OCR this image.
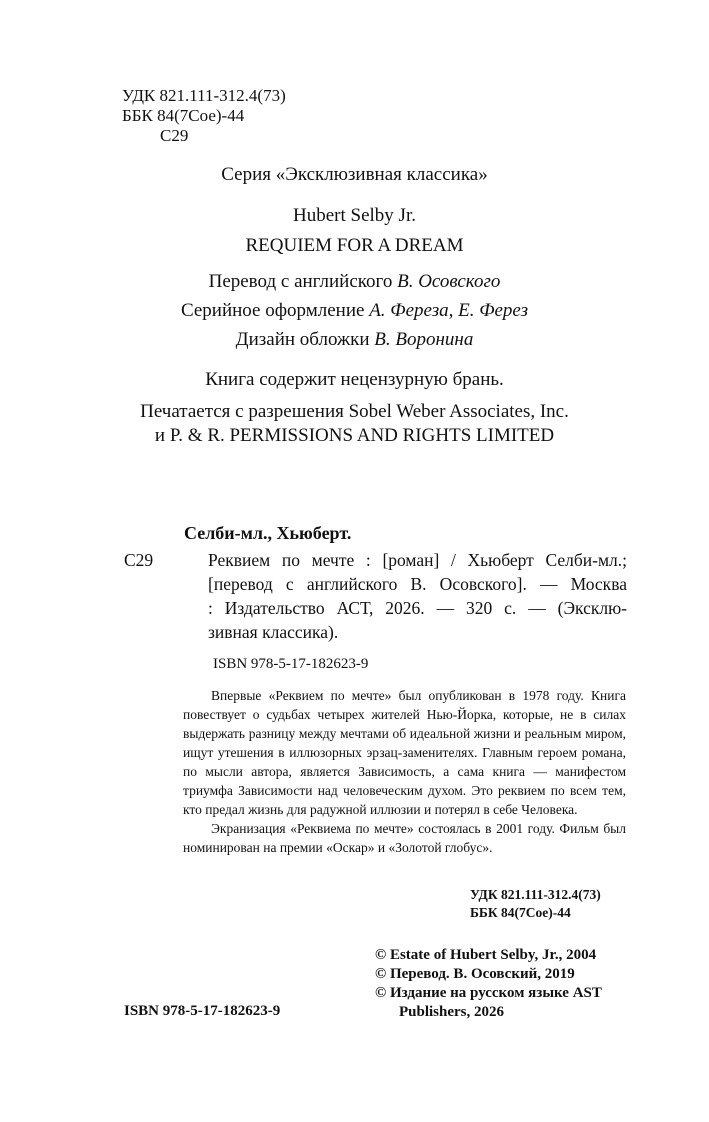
УДК 821.111-312.4(73)
ББК 84(7Сое)-44
С29
Серия «Эксклюзивная классика»
Hubert Selby Jr.
REQUIEM FOR A DREAM
Перевод с английского В. Осовского
Серийное оформление А. Фереза, Е. Ферез
Дизайн обложки В. Воронина
Книга содержит нецензурную брань.
Печатается с разрешения Sobel Weber Associates, Inc.
и P. & R. PERMISSIONS AND RIGHTS LIMITED
Селби-мл., Хьюберт.
С29	Реквием по мечте : [роман] / Хьюберт Селби-мл.;
[перевод с английского В. Осовского]. — Москва
: Издательство АСТ, 2026. — 320 с. — (Эксклю-
зивная классика).
ISBN 978-5-17-182623-9

Впервые «Реквием по мечте» был опубликован в 1978 году. Книга повествует о судьбах четырех жителей Нью-Йорка, которые, не в силах выдержать разницу между мечтами об идеальной жизни и реальным миром, ищут утешения в иллюзорных эрзац-заменителях. Главным героем романа, по мысли автора, является Зависимость, а сама книга — манифестом триумфа Зависимости над человеческим духом. Это реквием по всем тем, кто предал жизнь для радужной иллюзии и потерял в себе Человека.

Экранизация «Реквиема по мечте» состоялась в 2001 году. Фильм был номинирован на премии «Оскар» и «Золотой глобус».

УДК 821.111-312.4(73)
ББК 84(7Сое)-44
© Estate of Hubert Selby, Jr., 2004
© Перевод. В. Осовский, 2019
© Издание на русском языке AST
Publishers, 2026
ISBN 978-5-17-182623-9
